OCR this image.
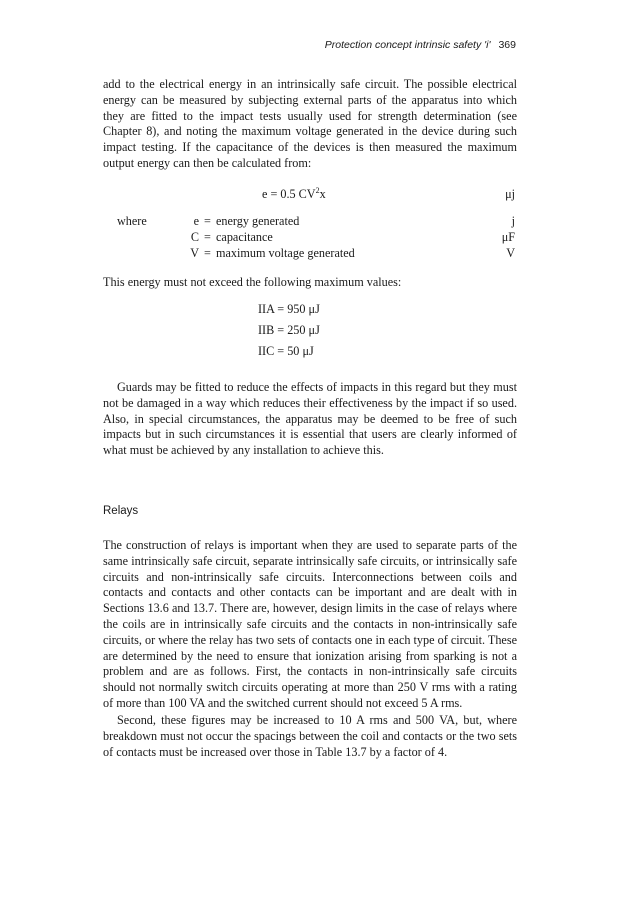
Protection concept intrinsic safety 'i' 369

add to the electrical energy in an intrinsically safe circuit. The possible electrical energy can be measured by subjecting external parts of the apparatus into which they are fitted to the impact tests usually used for strength determination (see Chapter 8), and noting the maximum voltage generated in the device during such impact testing. If the capacitance of the devices is then measured the maximum output energy can then be calculated from:

e = 0.5 $CV^2x$	μj
where	e = energy generated	j
C = capacitance	μF
V = maximum voltage generated	V

This energy must not exceed the following maximum values:

IIA = 950 μJ
IIB = 250 μJ
IIC = 50 μJ

Guards may be fitted to reduce the effects of impacts in this regard but they must not be damaged in a way which reduces their effectiveness by the impact if so used. Also, in special circumstances, the apparatus may be deemed to be free of such impacts but in such circumstances it is essential that users are clearly informed of what must be achieved by any installation to achieve this.

Relays

The construction of relays is important when they are used to separate parts of the same intrinsically safe circuit, separate intrinsically safe circuits, or intrinsically safe circuits and non-intrinsically safe circuits. Interconnections between coils and contacts and contacts and other contacts can be important and are dealt with in Sections 13.6 and 13.7. There are, however, design limits in the case of relays where the coils are in intrinsically safe circuits and the contacts in non-intrinsically safe circuits, or where the relay has two sets of contacts one in each type of circuit. These are determined by the need to ensure that ionization arising from sparking is not a problem and are as follows. First, the contacts in non-intrinsically safe circuits should not normally switch circuits operating at more than 250 V rms with a rating of more than 100 VA and the switched current should not exceed 5 A rms.

Second, these figures may be increased to 10 A rms and 500 VA, but, where breakdown must not occur the spacings between the coil and contacts or the two sets of contacts must be increased over those in Table 13.7 by a factor of 4.
